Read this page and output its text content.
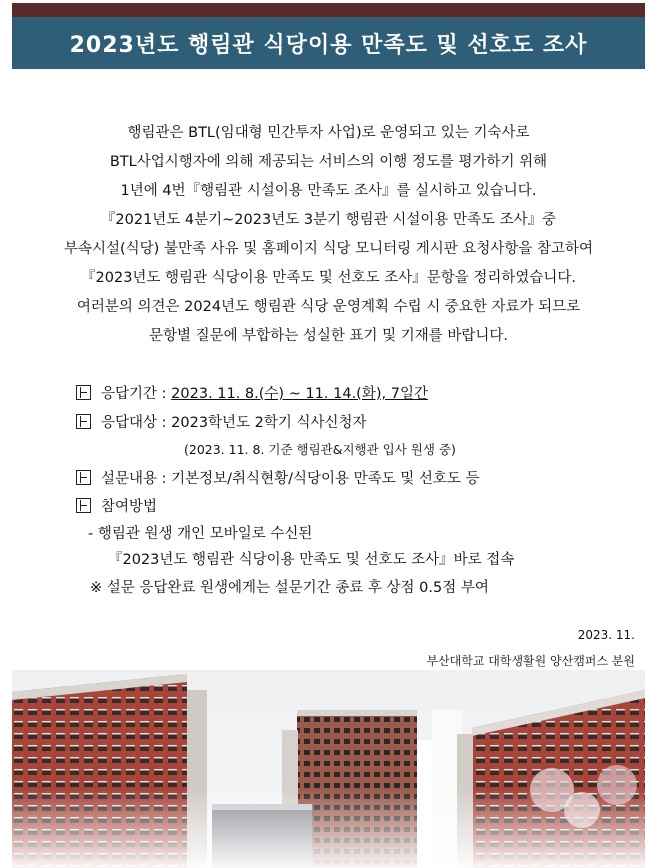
2023년도 행림관 식당이용 만족도 및 선호도 조사

행림관은 BTL(임대형 민간투자 사업)로 운영되고 있는 기숙사로

BTL사업시행자에 의해 제공되는 서비스의 이행 정도를 평가하기 위해

1년에 4번『행림관 시설이용 만족도 조사』를 실시하고 있습니다.

『2021년도 4분기~2023년도 3분기 행림관 시설이용 만족도 조사』중

부속시설(식당) 불만족 사유 및 홈페이지 식당 모니터링 게시판 요청사항을 참고하여

『2023년도 행림관 식당이용 만족도 및 선호도 조사』문항을 정리하였습니다.

여러분의 의견은 2024년도 행림관 식당 운영계획 수립 시 중요한 자료가 되므로

문항별 질문에 부합하는 성실한 표기 및 기재를 바랍니다.

응답기간 : 2023. 11. 8.(수) ~ 11. 14.(화), 7일간
응답대상 : 2023학년도 2학기 식사신청자
(2023. 11. 8. 기준 행림관&지행관 입사 원생 중)
설문내용 : 기본정보/취식현황/식당이용 만족도 및 선호도 등
참여방법
- 행림관 원생 개인 모바일로 수신된
『2023년도 행림관 식당이용 만족도 및 선호도 조사』바로 접속
※ 설문 응답완료 원생에게는 설문기간 종료 후 상점 0.5점 부여
2023. 11.
부산대학교 대학생활원 양산캠퍼스 분원
